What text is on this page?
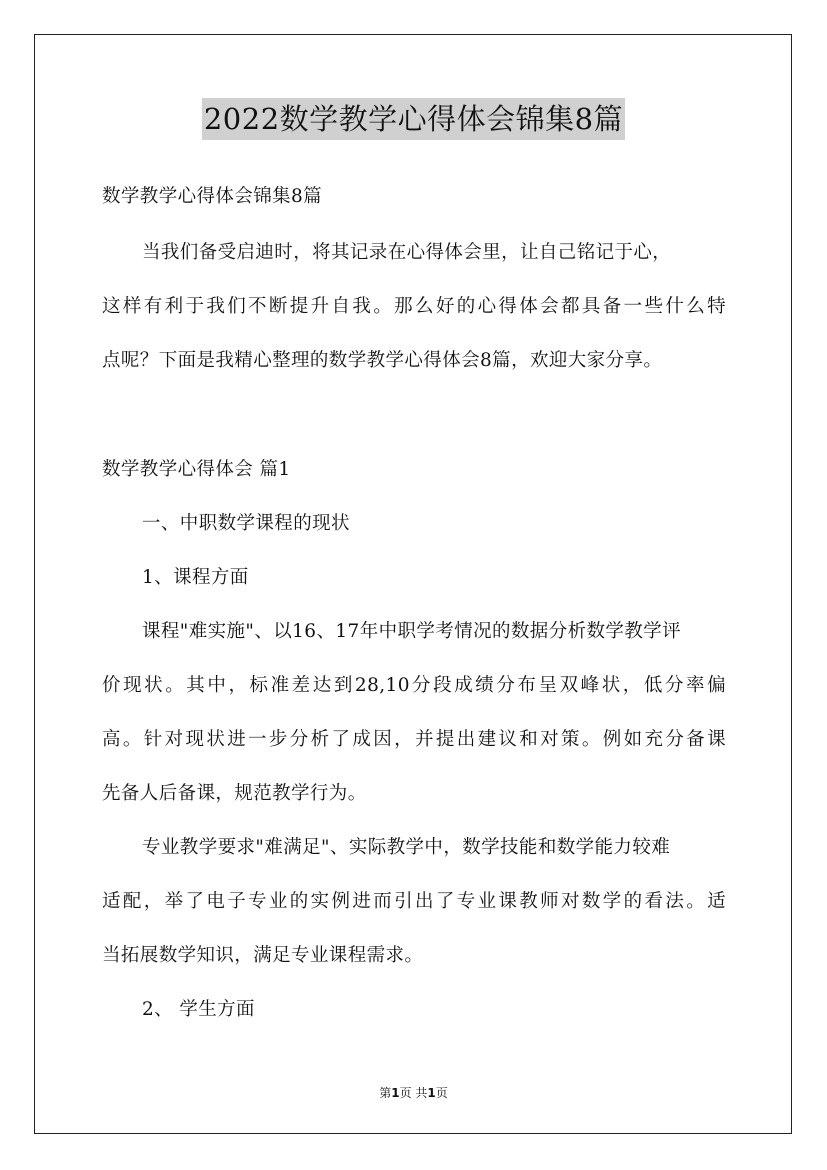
2022数学教学心得体会锦集8篇
数学教学心得体会锦集8篇
当我们备受启迪时，将其记录在心得体会里，让自己铭记于心，
这样有利于我们不断提升自我。那么好的心得体会都具备一些什么特
点呢？下面是我精心整理的数学教学心得体会8篇，欢迎大家分享。
数学教学心得体会 篇1
一、中职数学课程的现状
1、课程方面
课程"难实施"、以16、17年中职学考情况的数据分析数学教学评
价现状。其中，标准差达到28,10分段成绩分布呈双峰状，低分率偏
高。针对现状进一步分析了成因，并提出建议和对策。例如充分备课
先备人后备课，规范教学行为。
专业教学要求"难满足"、实际教学中，数学技能和数学能力较难
适配，举了电子专业的实例进而引出了专业课教师对数学的看法。适
当拓展数学知识，满足专业课程需求。
2、 学生方面
第1页 共1页
